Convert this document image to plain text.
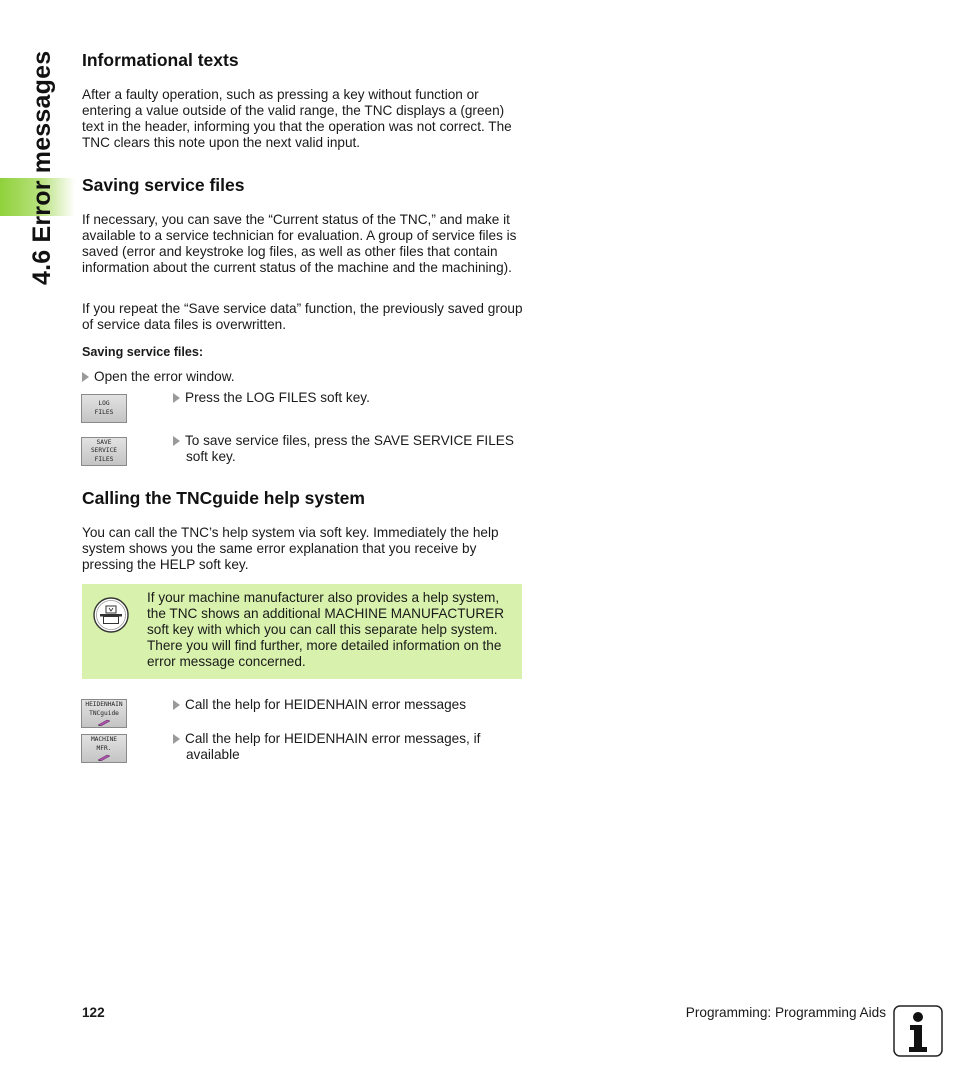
4.6 Error messages Informational texts

After a faulty operation, such as pressing a key without function or entering a value outside of the valid range, the TNC displays a (green) text in the header, informing you that the operation was not correct. The TNC clears this note upon the next valid input.

Saving service files

If necessary, you can save the “Current status of the TNC,” and make it available to a service technician for evaluation. A group of service files is saved (error and keystroke log files, as well as other files that contain information about the current status of the machine and the machining).

If you repeat the “Save service data” function, the previously saved group of service data files is overwritten.

Saving service files:

Open the error window.

LOG
FILES
Press the LOG FILES soft key.
SAVE
SERVICE
FILES
To save service files, press the SAVE SERVICE FILES
soft key.
Calling the TNCguide help system

You can call the TNC’s help system via soft key. Immediately the help system shows you the same error explanation that you receive by pressing the HELP soft key.

If your machine manufacturer also provides a help system, the TNC shows an additional MACHINE MANUFACTURER soft key with which you can call this separate help system. There you will find further, more detailed information on the error message concerned.
HEIDENHAIN
TNCguide
Call the help for HEIDENHAIN error messages
MACHINE
MFR.
Call the help for HEIDENHAIN error messages, if
available
122	Programming: Programming Aids
